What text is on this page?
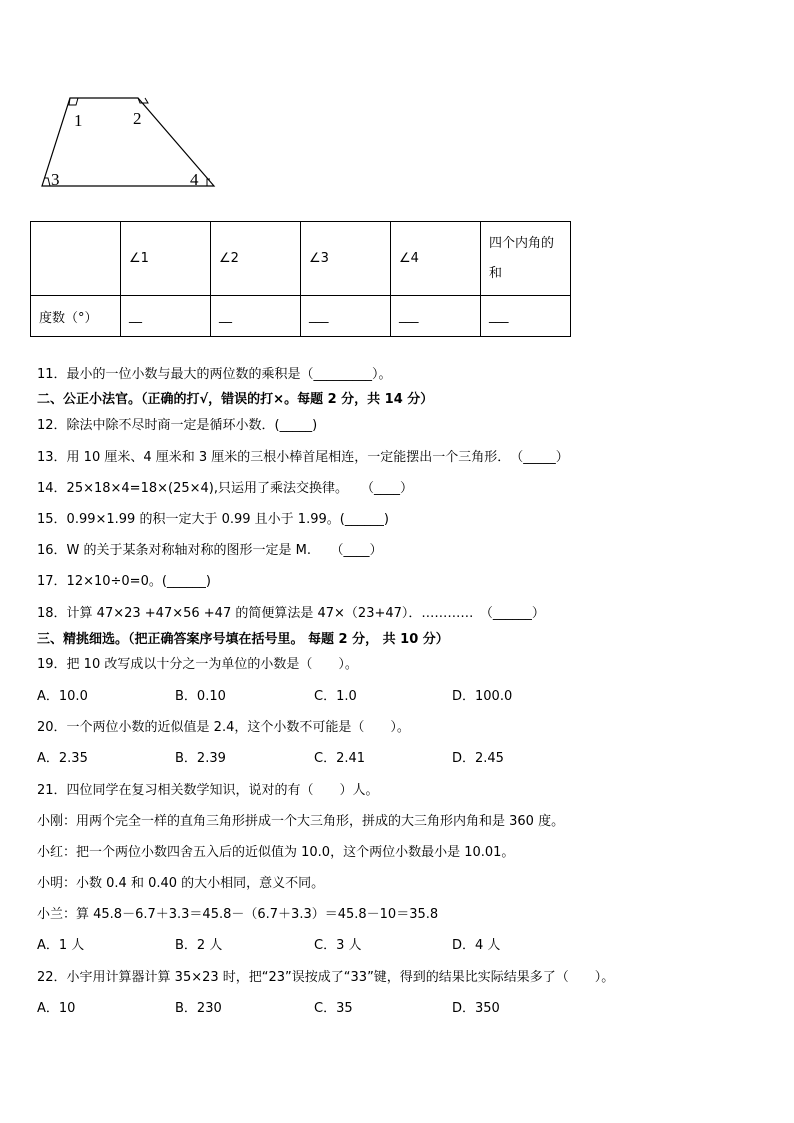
1	2
3	4
	∠1	∠2	∠3	∠4	四个内角的和
度数（°）	__	__	___	___	___
11．最小的一位小数与最大的两位数的乘积是（_________）。
二、公正小法官。（正确的打√，错误的打×。每题 2 分，共 14 分）
12．除法中除不尽时商一定是循环小数．(_____)
13．用 10 厘米、4 厘米和 3 厘米的三根小棒首尾相连，一定能摆出一个三角形．　（_____）
14．25×18×4=18×(25×4),只运用了乘法交换律。　　（____）
15．0.99×1.99 的积一定大于 0.99 且小于 1.99。(______)
16．W 的关于某条对称轴对称的图形一定是 M.　　（____）
17．12×10÷0=0。(______)
18．计算 47×23 +47×56 +47 的简便算法是 47×（23+47）．…………　（______）
三、精挑细选。（把正确答案序号填在括号里。 每题 2 分， 共 10 分）
19．把 10 改写成以十分之一为单位的小数是（　　）。
A．10.0	B．0.10	C．1.0	D．100.0
20．一个两位小数的近似值是 2.4，这个小数不可能是（　　）。
A．2.35	B．2.39	C．2.41	D．2.45
21．四位同学在复习相关数学知识，说对的有（　　）人。
小刚：用两个完全一样的直角三角形拼成一个大三角形，拼成的大三角形内角和是 360 度。
小红：把一个两位小数四舍五入后的近似值为 10.0，这个两位小数最小是 10.01。
小明：小数 0.4 和 0.40 的大小相同，意义不同。
小兰：算 45.8－6.7＋3.3＝45.8－（6.7＋3.3）＝45.8－10＝35.8
A．1 人	B．2 人	C．3 人	D．4 人
22．小宇用计算器计算 35×23 时，把“23”误按成了“33”键，得到的结果比实际结果多了（　　）。
A．10	B．230	C．35	D．350
